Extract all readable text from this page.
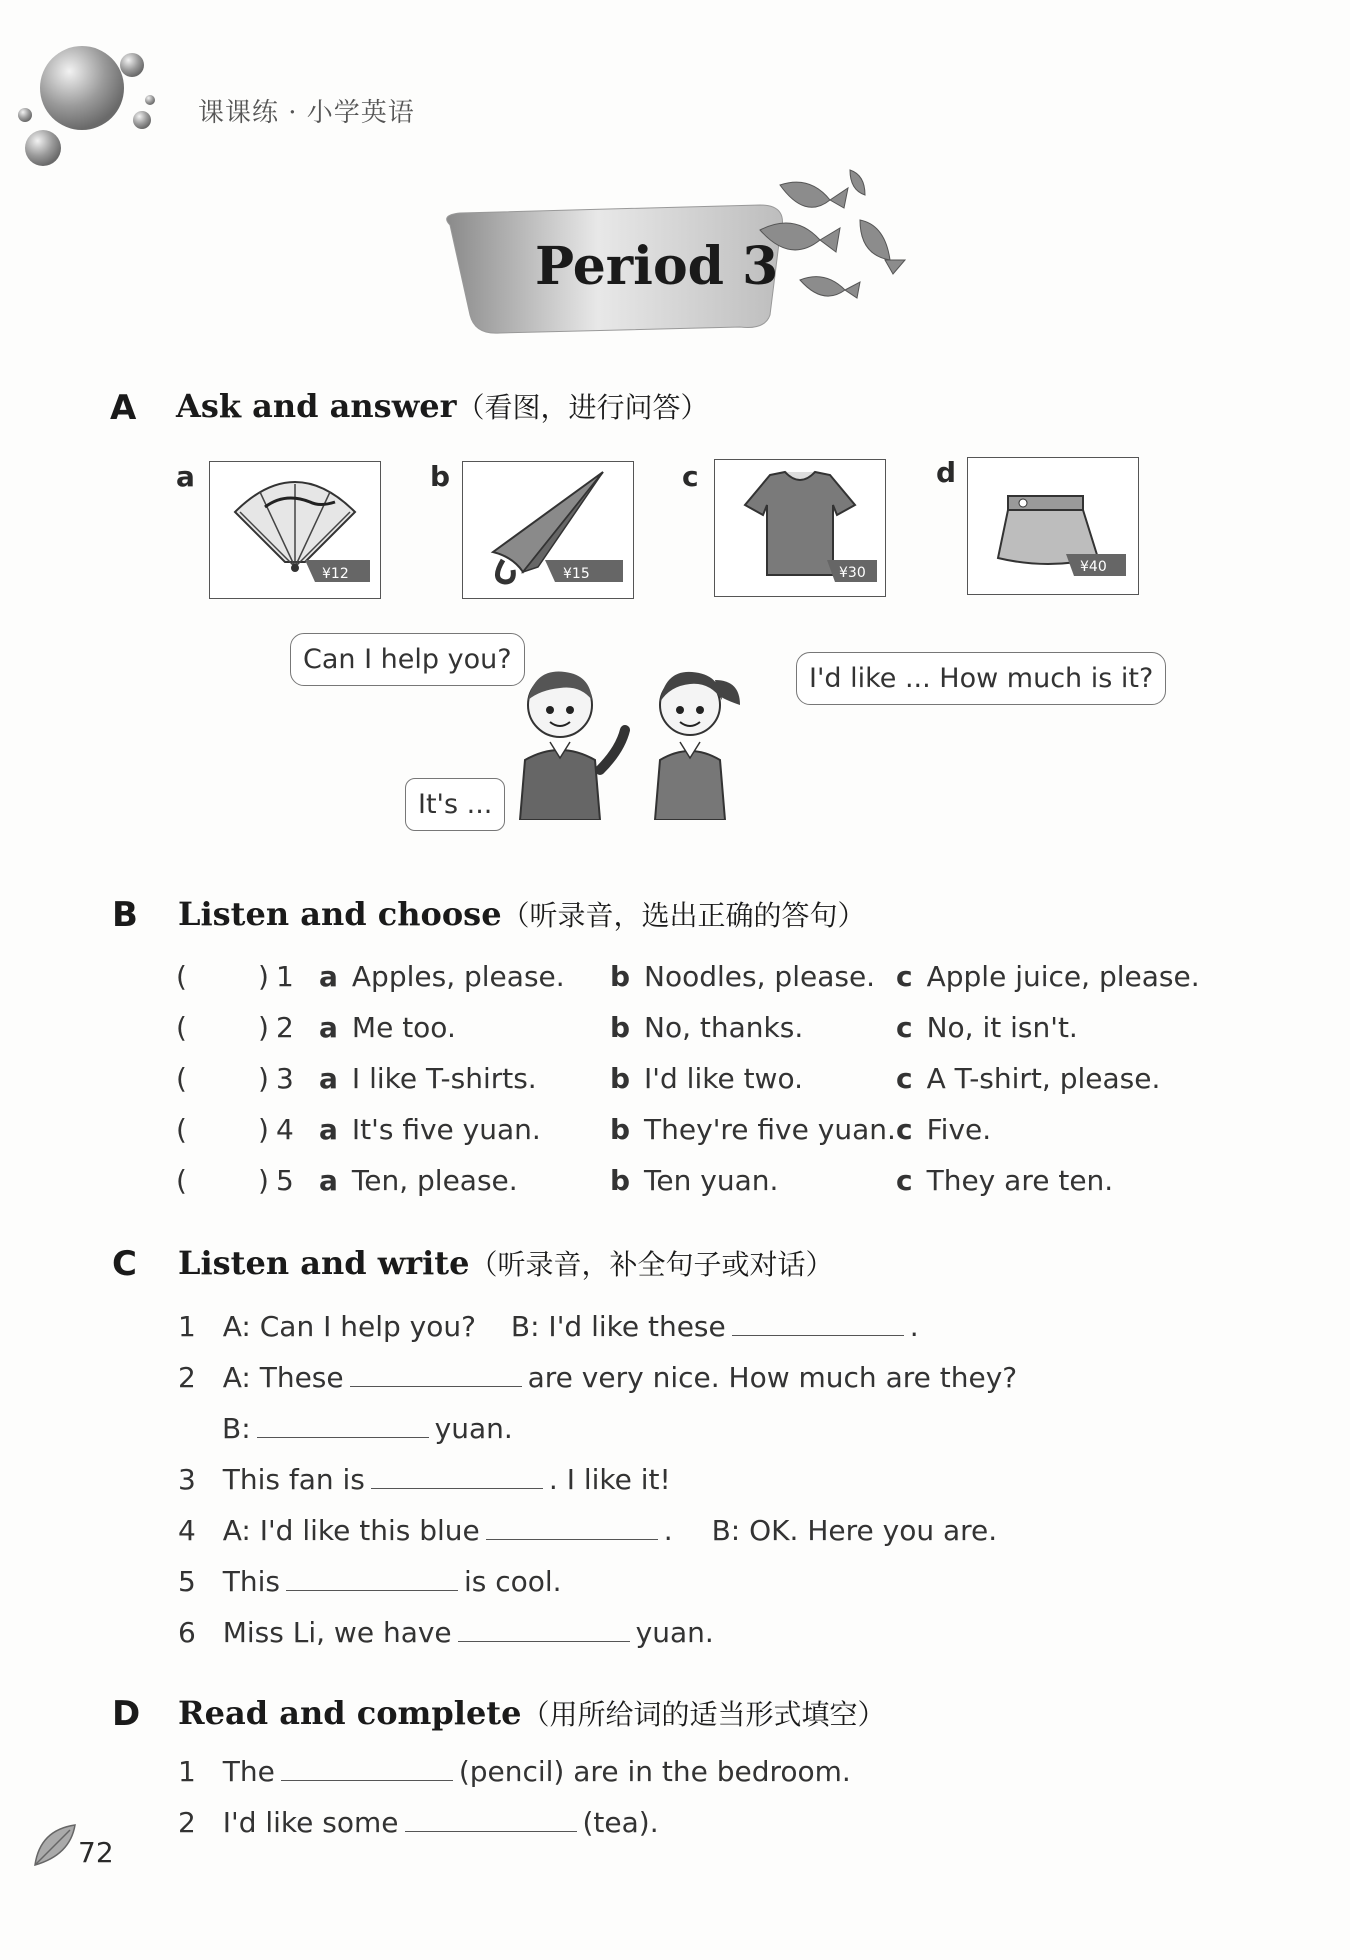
课课练 · 小学英语
Period 3
A Ask and answer（看图，进行问答）
a
¥12
b
¥15
c
¥30
d
¥40
Can I help you?
I'd like ... How much is it?
It's ...
B Listen and choose（听录音，选出正确的答句）
(	) 1 a Apples, please. b Noodles, please. c Apple juice, please.
(	) 2 a Me too.	b No, thanks.	c No, it isn't.
(	) 3 a I like T-shirts.	b I'd like two.	c A T-shirt, please.
(	) 4 a It's five yuan. b They're five yuan. c Five.
(	) 5 a Ten, please.	b Ten yuan.	c They are ten.
C Listen and write（听录音，补全句子或对话）
1 A: Can I help you? B: I'd like these	.
2 A: These	are very nice. How much are they?
B:	yuan.
3 This fan is	. I like it!
4 A: I'd like this blue	. B: OK. Here you are.
5 This	is cool.
6 Miss Li, we have	yuan.
D Read and complete（用所给词的适当形式填空）
1 The	(pencil) are in the bedroom.
2 I'd like some	(tea).
72
